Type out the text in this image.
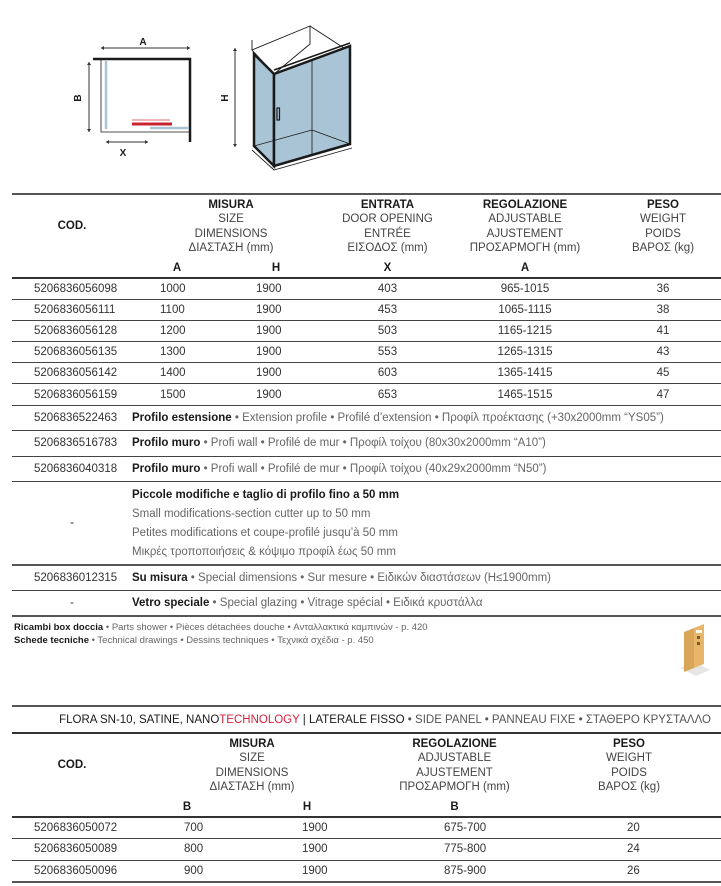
A
B
X
H
COD.	
MISURA
SIZE
DIMENSIONS
ΔΙΑΣΤΑΣΗ (mm)

ENTRATA
DOOR OPENING
ENTRÉE
ΕΙΣΟΔΟΣ (mm)

REGOLAZIONE
ADJUSTABLE
AJUSTEMENT
ΠΡΟΣΑΡΜΟΓΗ (mm)

PESO
WEIGHT
POIDS
ΒΑΡΟΣ (kg)

	A	H	X	A	
5206836056098	1000	1900	403	965-1015	36
5206836056111	1100	1900	453	1065-1115	38
5206836056128	1200	1900	503	1165-1215	41
5206836056135	1300	1900	553	1265-1315	43
5206836056142	1400	1900	603	1365-1415	45
5206836056159	1500	1900	653	1465-1515	47
5206836522463	Profilo estensione • Extension profile • Profilé d’extension • Προφίλ προέκτασης (+30x2000mm “YS05”)				
5206836516783	Profilo muro • Profi wall • Profilé de mur • Προφίλ τοίχου (80x30x2000mm “A10”)				
5206836040318	Profilo muro • Profi wall • Profilé de mur • Προφίλ τοίχου (40x29x2000mm “N50”)				
-	Piccole modifiche e taglio di profilo fino a 50 mm
Small modifications-section cutter up to 50 mm
Petites modifications et coupe-profilé jusqu’à 50 mm
Μικρές τροποποιήσεις & κόψιμο προφίλ έως 50 mm				

5206836012315	Su misura • Special dimensions • Sur mesure • Ειδικών διαστάσεων (H≤1900mm)				
-	Vetro speciale • Special glazing • Vitrage spécial • Ειδικά κρυστάλλα				
Ricambi box doccia • Parts shower • Pièces détachées douche • Ανταλλακτικά καμπινών - p. 420
Schede tecniche • Technical drawings • Dessins techniques • Τεχνικά σχέδια - p. 450
FLORA SN-10, SATINE, NANOTECHNOLOGY | LATERALE FISSO • SIDE PANEL • PANNEAU FIXE • ΣΤΑΘΕΡΟ ΚΡΥΣΤΑΛΛΟ				
COD.	
MISURA
SIZE
DIMENSIONS
ΔΙΑΣΤΑΣΗ (mm)

REGOLAZIONE
ADJUSTABLE
AJUSTEMENT
ΠΡΟΣΑΡΜΟΓΗ (mm)

PESO
WEIGHT
POIDS
ΒΑΡΟΣ (kg)

	B	H	B	
5206836050072	700	1900	675-700	20
5206836050089	800	1900	775-800	24
5206836050096	900	1900	875-900	26
